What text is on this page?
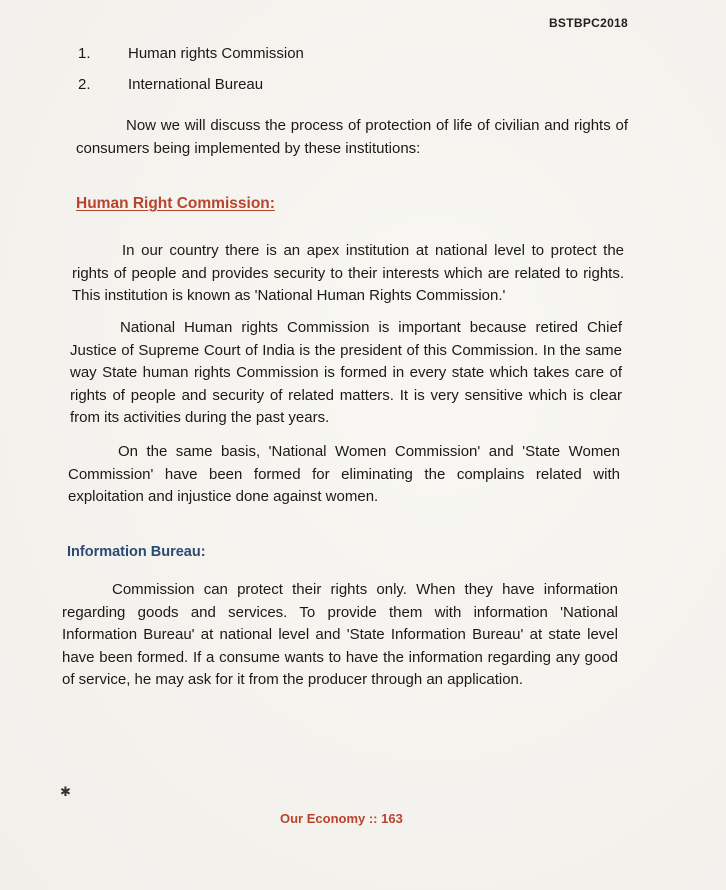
BSTBPC2018
1. Human rights Commission
2. International Bureau
Now we will discuss the process of protection of life of civilian and rights of consumers being implemented by these institutions:
Human Right Commission:
In our country there is an apex institution at national level to protect the rights of people and provides security to their interests which are related to rights. This institution is known as 'National Human Rights Commission.'
National Human rights Commission is important because retired Chief Justice of Supreme Court of India is the president of this Commission. In the same way State human rights Commission is formed in every state which takes care of rights of people and security of related matters. It is very sensitive which is clear from its activities during the past years.
On the same basis, 'National Women Commission' and 'State Women Commission' have been formed for eliminating the complains related with exploitation and injustice done against women.
Information Bureau:
Commission can protect their rights only. When they have information regarding goods and services. To provide them with information 'National Information Bureau' at national level and 'State Information Bureau' at state level have been formed. If a consume wants to have the information regarding any good of service, he may ask for it from the producer through an application.
✱
Our Economy :: 163
